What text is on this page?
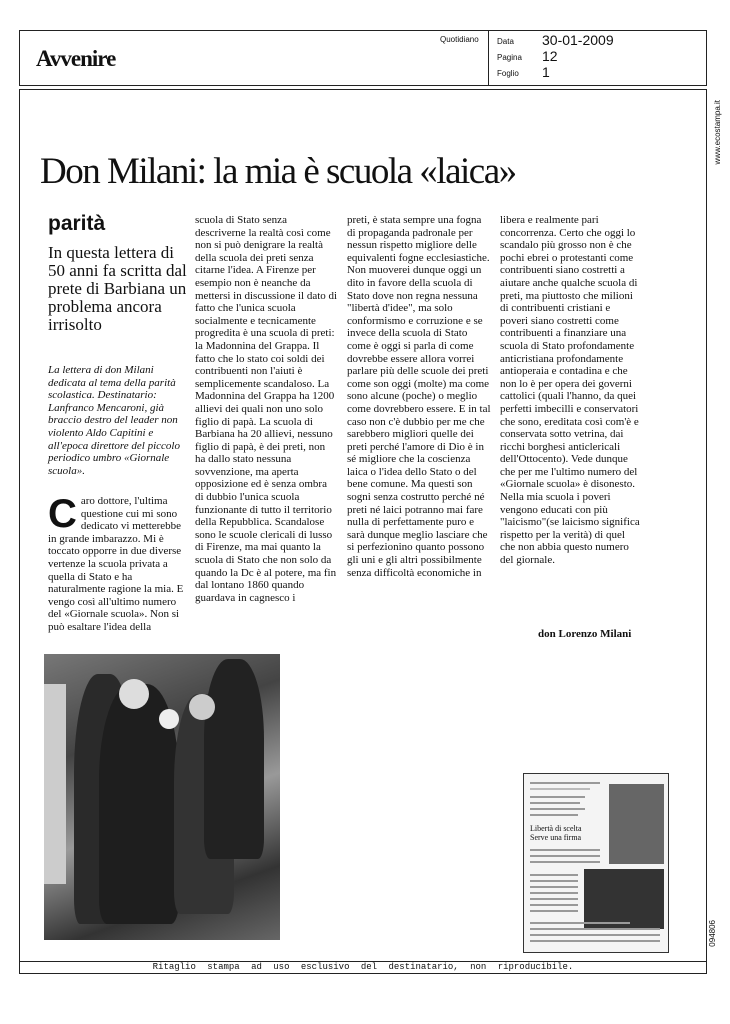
Avvenire
Quotidiano Data 30-01-2009
Pagina 12
Foglio 1
www.ecostampa.it
094806
Don Milani: la mia è scuola «laica»
parità
In questa lettera di 50 anni fa scritta dal prete di Barbiana un problema ancora irrisolto
La lettera di don Milani dedicata al tema della parità scolastica. Destinatario: Lanfranco Mencaroni, già braccio destro del leader non violento Aldo Capitini e all'epoca direttore del piccolo periodico umbro «Giornale scuola».
Caro dottore, l'ultima questione cui mi sono dedicato vi metterebbe in grande imbarazzo. Mi è toccato opporre in due diverse vertenze la scuola privata a quella di Stato e ha naturalmente ragione la mia. E vengo così all'ultimo numero del «Giornale scuola». Non si può esaltare l'idea della
scuola di Stato senza descriverne la realtà così come non si può denigrare la realtà della scuola dei preti senza citarne l'idea. A Firenze per esempio non è neanche da mettersi in discussione il dato di fatto che l'unica scuola socialmente e tecnicamente progredita è una scuola di preti: la Madonnina del Grappa. Il fatto che lo stato coi soldi dei contribuenti non l'aiuti è semplicemente scandaloso. La Madonnina del Grappa ha 1200 allievi dei quali non uno solo figlio di papà. La scuola di Barbiana ha 20 allievi, nessuno figlio di papà, è dei preti, non ha dallo stato nessuna sovvenzione, ma aperta opposizione ed è senza ombra di dubbio l'unica scuola funzionante di tutto il territorio della Repubblica. Scandalose sono le scuole clericali di lusso di Firenze, ma mai quanto la scuola di Stato che non solo da quando la Dc è al potere, ma fin dal lontano 1860 quando guardava in cagnesco i
preti, è stata sempre una fogna di propaganda padronale per nessun rispetto migliore delle equivalenti fogne ecclesiastiche. Non muoverei dunque oggi un dito in favore della scuola di Stato dove non regna nessuna "libertà d'idee", ma solo conformismo e corruzione e se invece della scuola di Stato come è oggi si parla di come dovrebbe essere allora vorrei parlare più delle scuole dei preti come son oggi (molte) ma come sono alcune (poche) o meglio come dovrebbero essere. E in tal caso non c'è dubbio per me che sarebbero migliori quelle dei preti perché l'amore di Dio è in sé migliore che la coscienza laica o l'idea dello Stato o del bene comune. Ma questi son sogni senza costrutto perché né preti né laici potranno mai fare nulla di perfettamente puro e sarà dunque meglio lasciare che si perfezionino quanto possono gli uni e gli altri possibilmente senza difficoltà economiche in
libera e realmente pari concorrenza. Certo che oggi lo scandalo più grosso non è che pochi ebrei o protestanti come contribuenti siano costretti a aiutare anche qualche scuola di preti, ma piuttosto che milioni di contribuenti cristiani e poveri siano costretti come contribuenti a finanziare una scuola di Stato profondamente anticristiana profondamente antioperaia e contadina e che non lo è per opera dei governi cattolici (quali l'hanno, da quei perfetti imbecilli e conservatori che sono, ereditata così com'è e conservata sotto vetrina, dai ricchi borghesi anticlericali dell'Ottocento). Vede dunque che per me l'ultimo numero del «Giornale scuola» è disonesto. Nella mia scuola i poveri vengono educati con più "laicismo"(se laicismo significa rispetto per la verità) di quel che non abbia questo numero del giornale.
don Lorenzo Milani
Libertà di scelta Serve una firma
Ritaglio stampa ad uso esclusivo del destinatario, non riproducibile.
